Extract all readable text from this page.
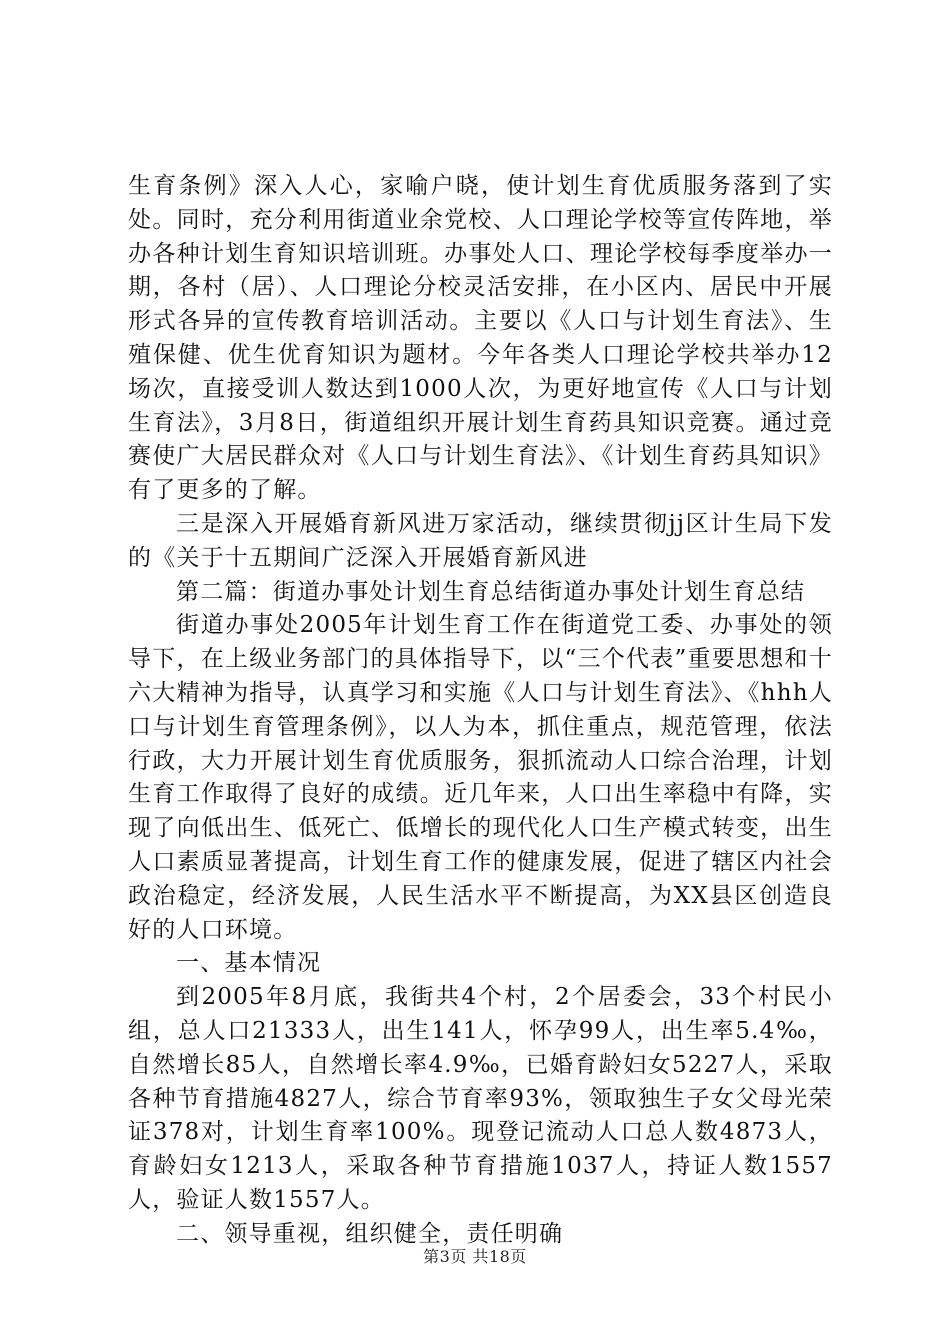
生育条例》深入人心，家喻户晓，使计划生育优质服务落到了实处。同时，充分利用街道业余党校、人口理论学校等宣传阵地，举办各种计划生育知识培训班。办事处人口、理论学校每季度举办一期，各村（居）、人口理论分校灵活安排，在小区内、居民中开展形式各异的宣传教育培训活动。主要以《人口与计划生育法》、生殖保健、优生优育知识为题材。今年各类人口理论学校共举办12场次，直接受训人数达到1000人次，为更好地宣传《人口与计划生育法》，3月8日，街道组织开展计划生育药具知识竞赛。通过竞赛使广大居民群众对《人口与计划生育法》、《计划生育药具知识》有了更多的了解。

三是深入开展婚育新风进万家活动，继续贯彻jj区计生局下发的《关于十五期间广泛深入开展婚育新风进

第二篇：街道办事处计划生育总结街道办事处计划生育总结

街道办事处2005年计划生育工作在街道党工委、办事处的领导下，在上级业务部门的具体指导下，以“三个代表”重要思想和十六大精神为指导，认真学习和实施《人口与计划生育法》、《hhh人口与计划生育管理条例》，以人为本，抓住重点，规范管理，依法行政，大力开展计划生育优质服务，狠抓流动人口综合治理，计划生育工作取得了良好的成绩。近几年来，人口出生率稳中有降，实现了向低出生、低死亡、低增长的现代化人口生产模式转变，出生人口素质显著提高，计划生育工作的健康发展，促进了辖区内社会政治稳定，经济发展，人民生活水平不断提高，为XX县区创造良好的人口环境。

一、基本情况

到2005年8月底，我街共4个村，2个居委会，33个村民小组，总人口21333人，出生141人，怀孕99人，出生率5.4‰，自然增长85人，自然增长率4.9‰，已婚育龄妇女5227人，采取各种节育措施4827人，综合节育率93%，领取独生子女父母光荣证378对，计划生育率100%。现登记流动人口总人数4873人，育龄妇女1213人，采取各种节育措施1037人，持证人数1557人，验证人数1557人。

二、领导重视，组织健全，责任明确

第3页 共18页
